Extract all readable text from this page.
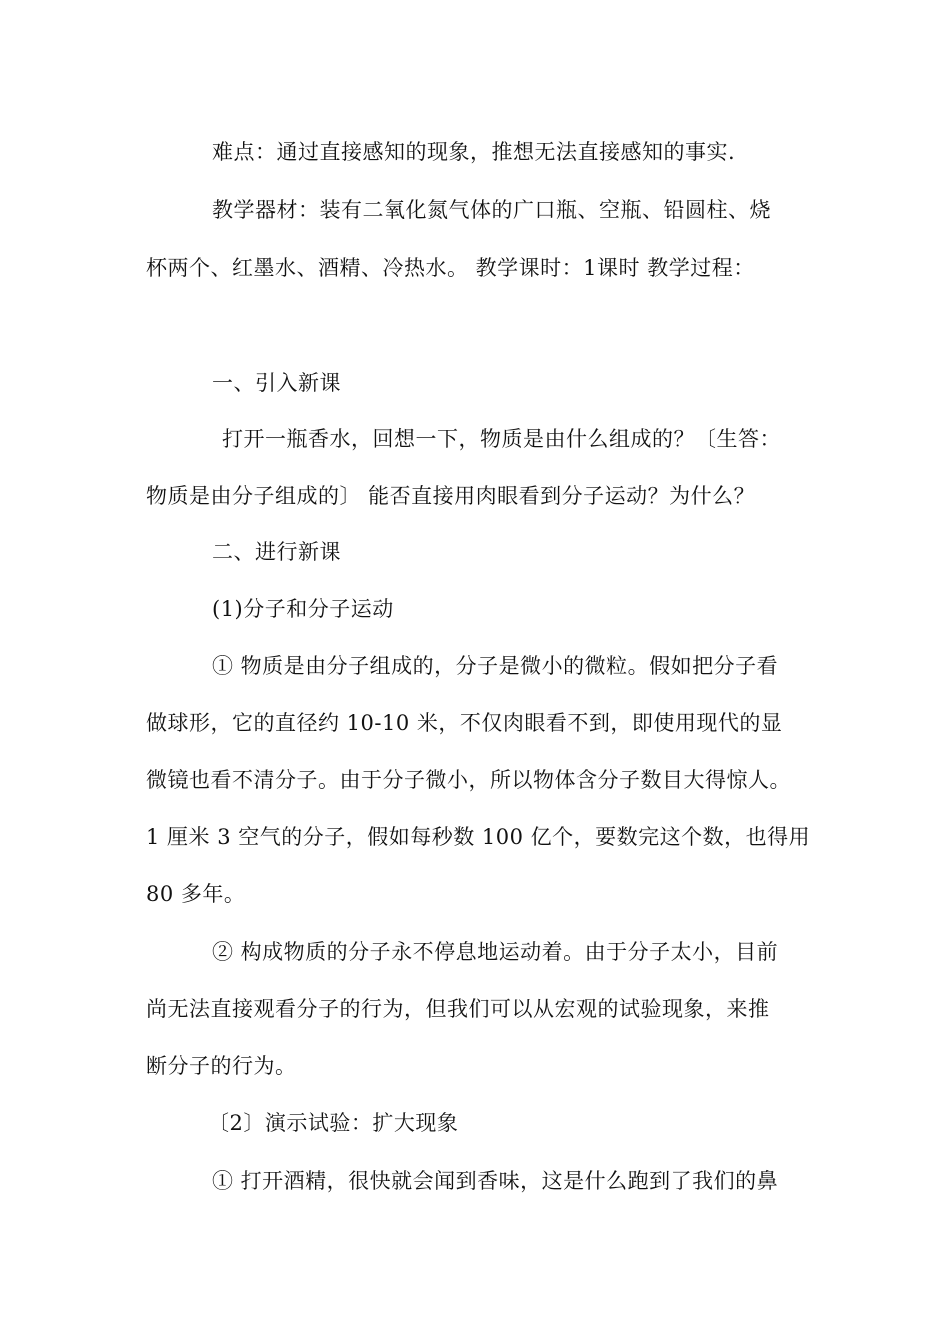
难点：通过直接感知的现象，推想无法直接感知的事实.
教学器材：装有二氧化氮气体的广口瓶、空瓶、铅圆柱、烧
杯两个、红墨水、酒精、冷热水。 教学课时：1课时 教学过程：
一、引入新课
打开一瓶香水，回想一下，物质是由什么组成的？〔生答：
物质是由分子组成的〕 能否直接用肉眼看到分子运动？为什么？
二、进行新课
(1)分子和分子运动
① 物质是由分子组成的，分子是微小的微粒。假如把分子看
做球形，它的直径约 10-10 米，不仅肉眼看不到，即使用现代的显
微镜也看不清分子。由于分子微小，所以物体含分子数目大得惊人。
1 厘米 3 空气的分子，假如每秒数 100 亿个，要数完这个数，也得用
80 多年。
② 构成物质的分子永不停息地运动着。由于分子太小，目前
尚无法直接观看分子的行为，但我们可以从宏观的试验现象，来推
断分子的行为。
〔2〕演示试验：扩大现象
① 打开酒精，很快就会闻到香味，这是什么跑到了我们的鼻
